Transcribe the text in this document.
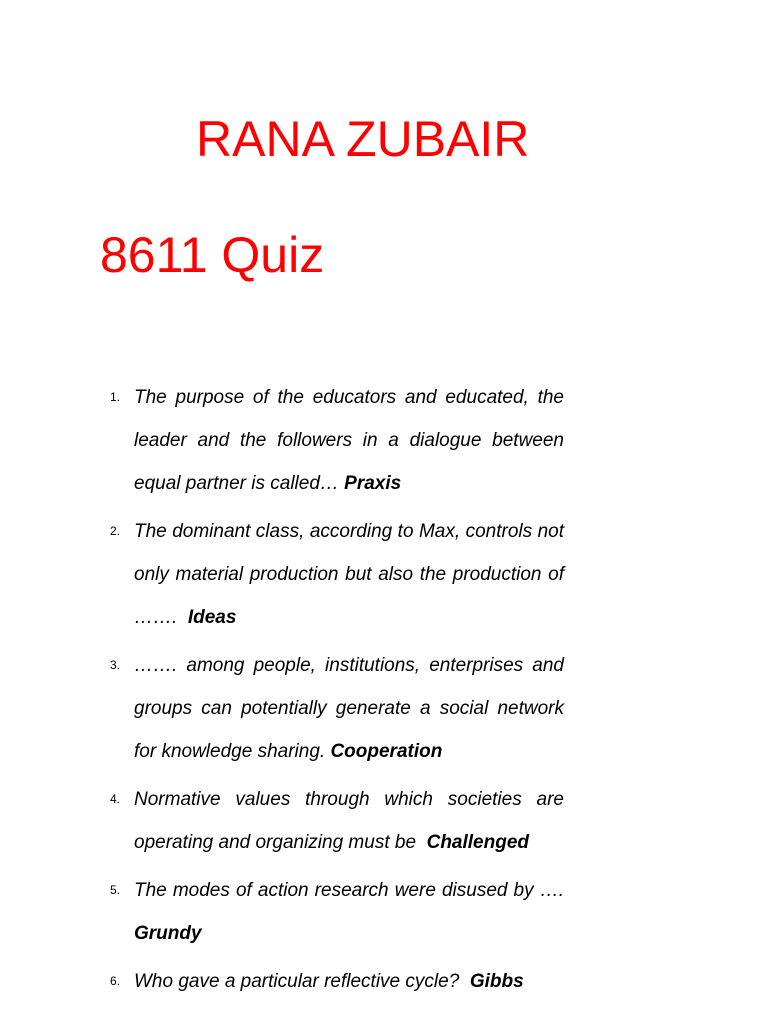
RANA ZUBAIR
8611 Quiz
1. The purpose of the educators and educated, the leader and the followers in a dialogue between equal partner is called… Praxis
2. The dominant class, according to Max, controls not only material production but also the production of ……. Ideas
3. ……. among people, institutions, enterprises and groups can potentially generate a social network for knowledge sharing. Cooperation
4. Normative values through which societies are operating and organizing must be Challenged
5. The modes of action research were disused by …. Grundy
6. Who gave a particular reflective cycle? Gibbs
